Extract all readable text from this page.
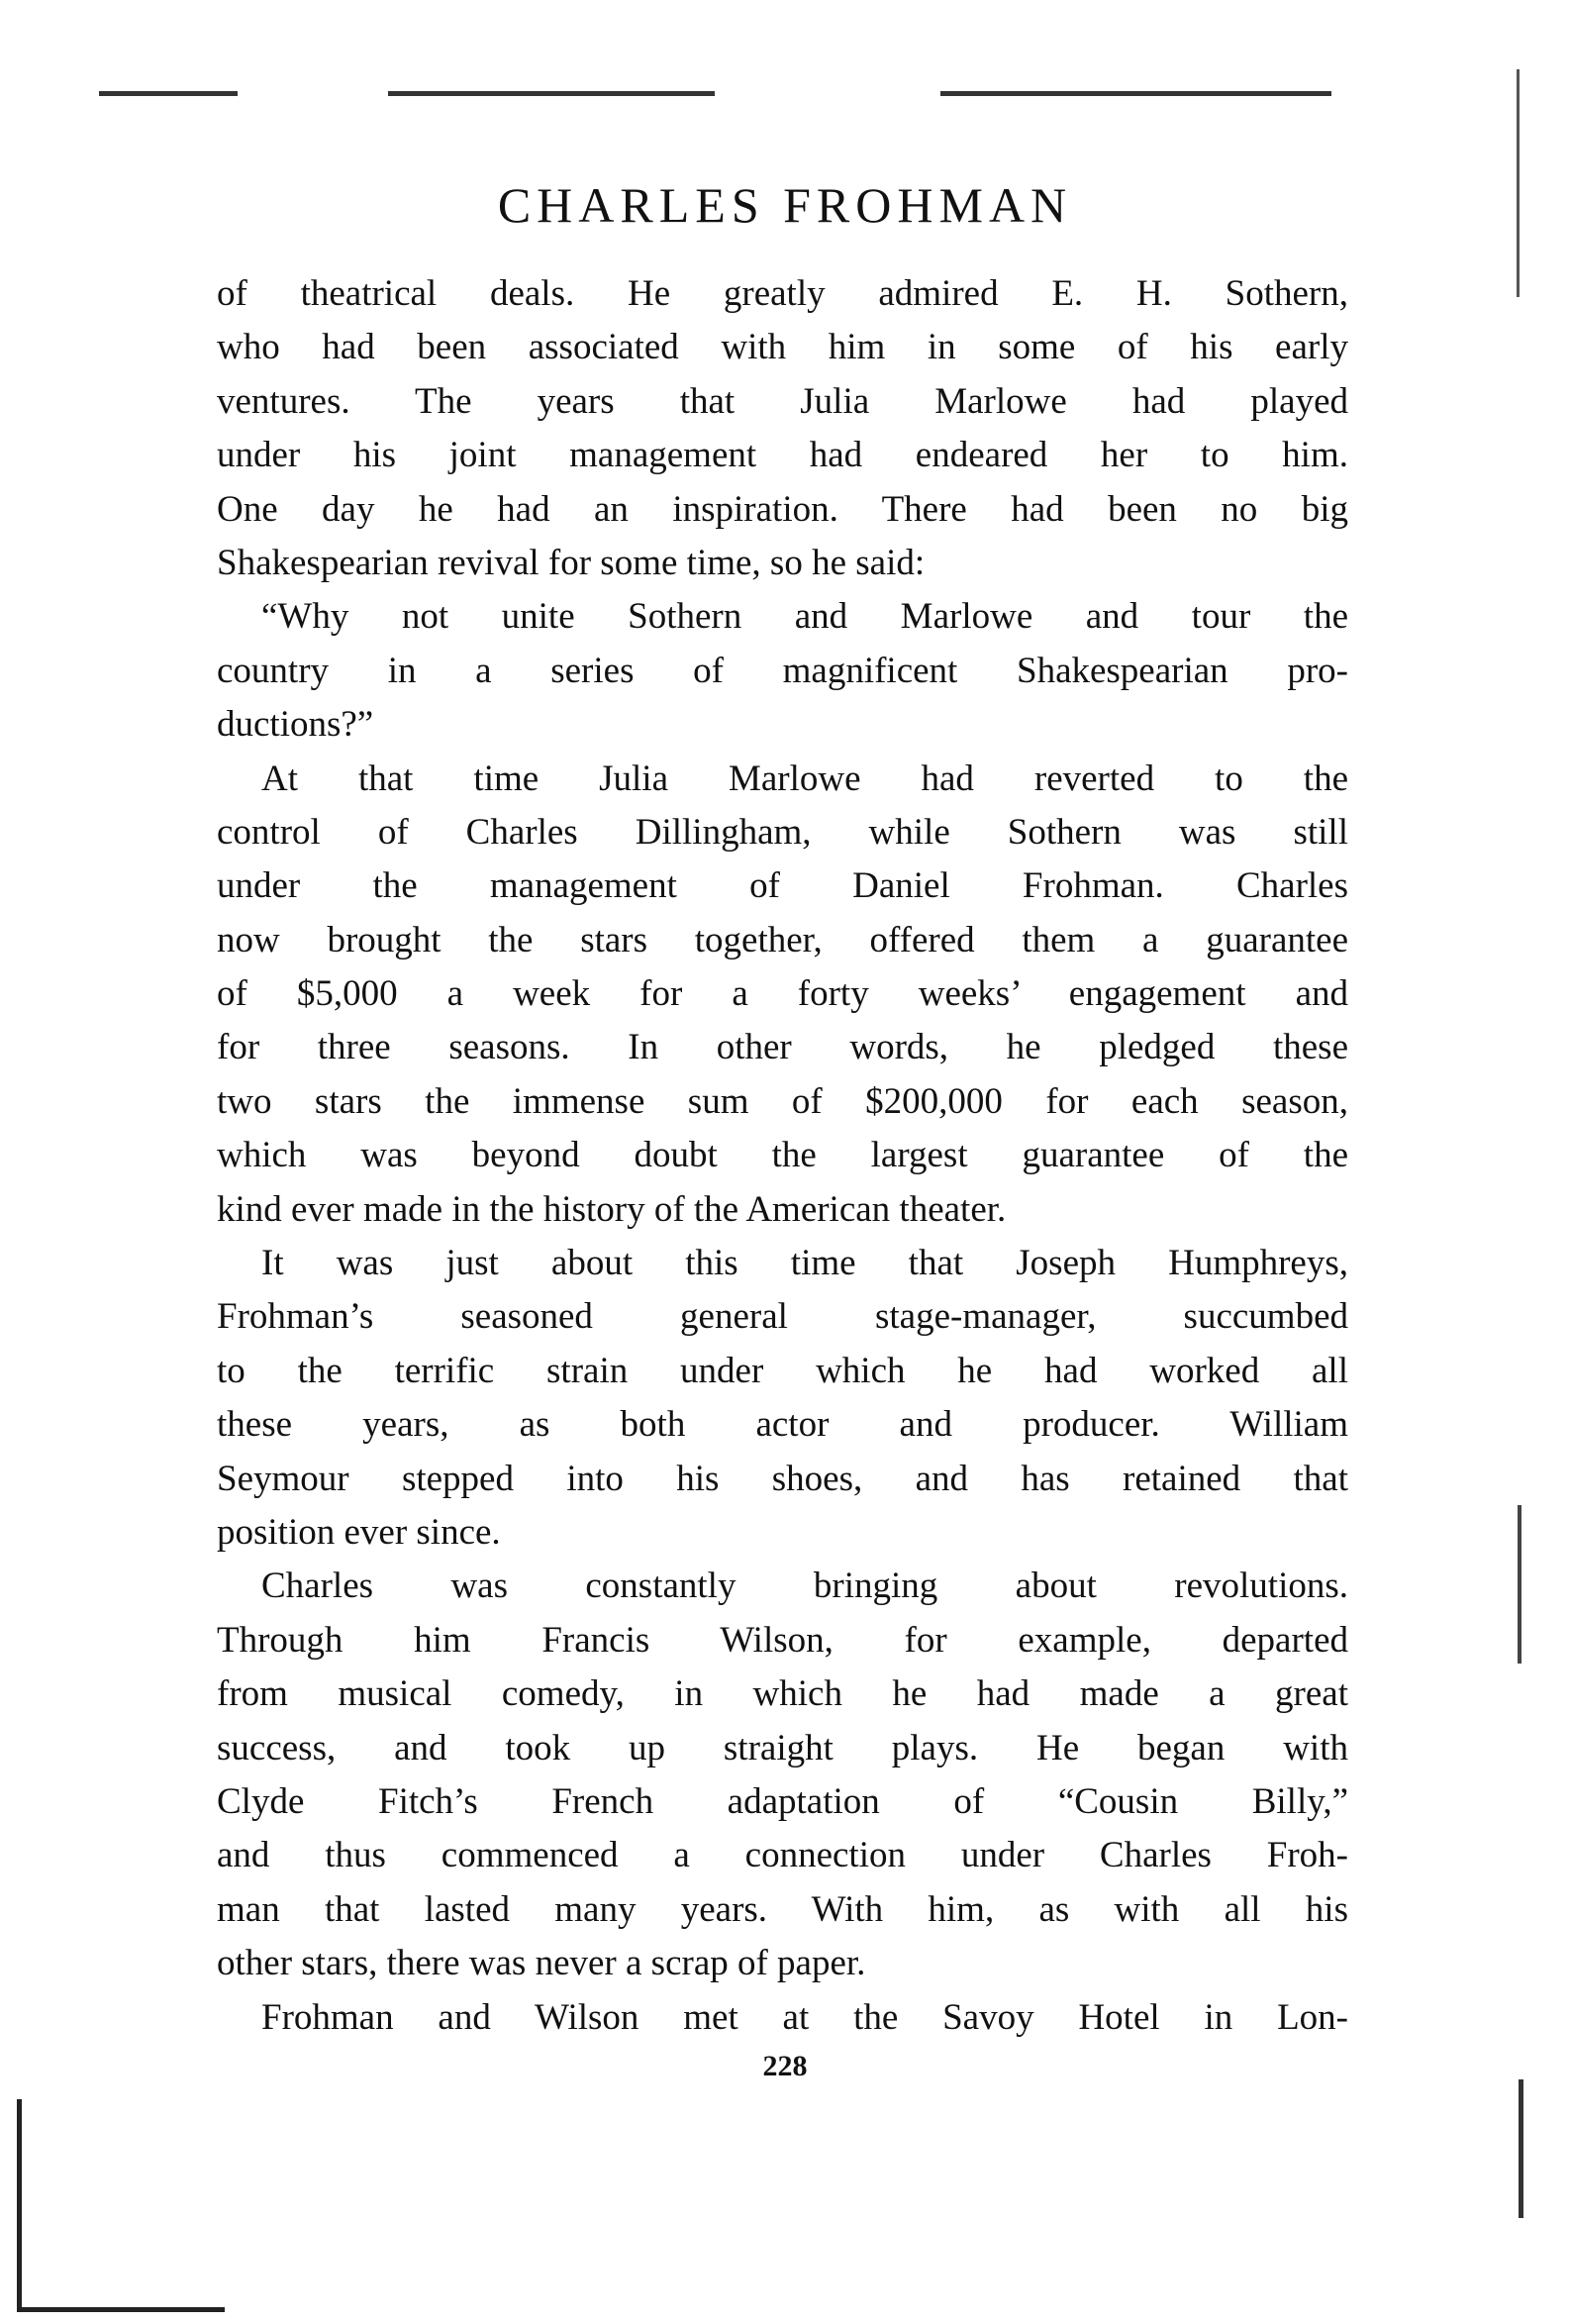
CHARLES FROHMAN
of theatrical deals. He greatly admired E. H. Sothern,
who had been associated with him in some of his early
ventures. The years that Julia Marlowe had played
under his joint management had endeared her to him.
One day he had an inspiration. There had been no big
Shakespearian revival for some time, so he said:
“Why not unite Sothern and Marlowe and tour the
country in a series of magnificent Shakespearian pro-
ductions?”
At that time Julia Marlowe had reverted to the
control of Charles Dillingham, while Sothern was still
under the management of Daniel Frohman. Charles
now brought the stars together, offered them a guarantee
of $5,000 a week for a forty weeks’ engagement and
for three seasons. In other words, he pledged these
two stars the immense sum of $200,000 for each season,
which was beyond doubt the largest guarantee of the
kind ever made in the history of the American theater.
It was just about this time that Joseph Humphreys,
Frohman’s seasoned general stage-manager, succumbed
to the terrific strain under which he had worked all
these years, as both actor and producer. William
Seymour stepped into his shoes, and has retained that
position ever since.
Charles was constantly bringing about revolutions.
Through him Francis Wilson, for example, departed
from musical comedy, in which he had made a great
success, and took up straight plays. He began with
Clyde Fitch’s French adaptation of “Cousin Billy,”
and thus commenced a connection under Charles Froh-
man that lasted many years. With him, as with all his
other stars, there was never a scrap of paper.
Frohman and Wilson met at the Savoy Hotel in Lon-
228
